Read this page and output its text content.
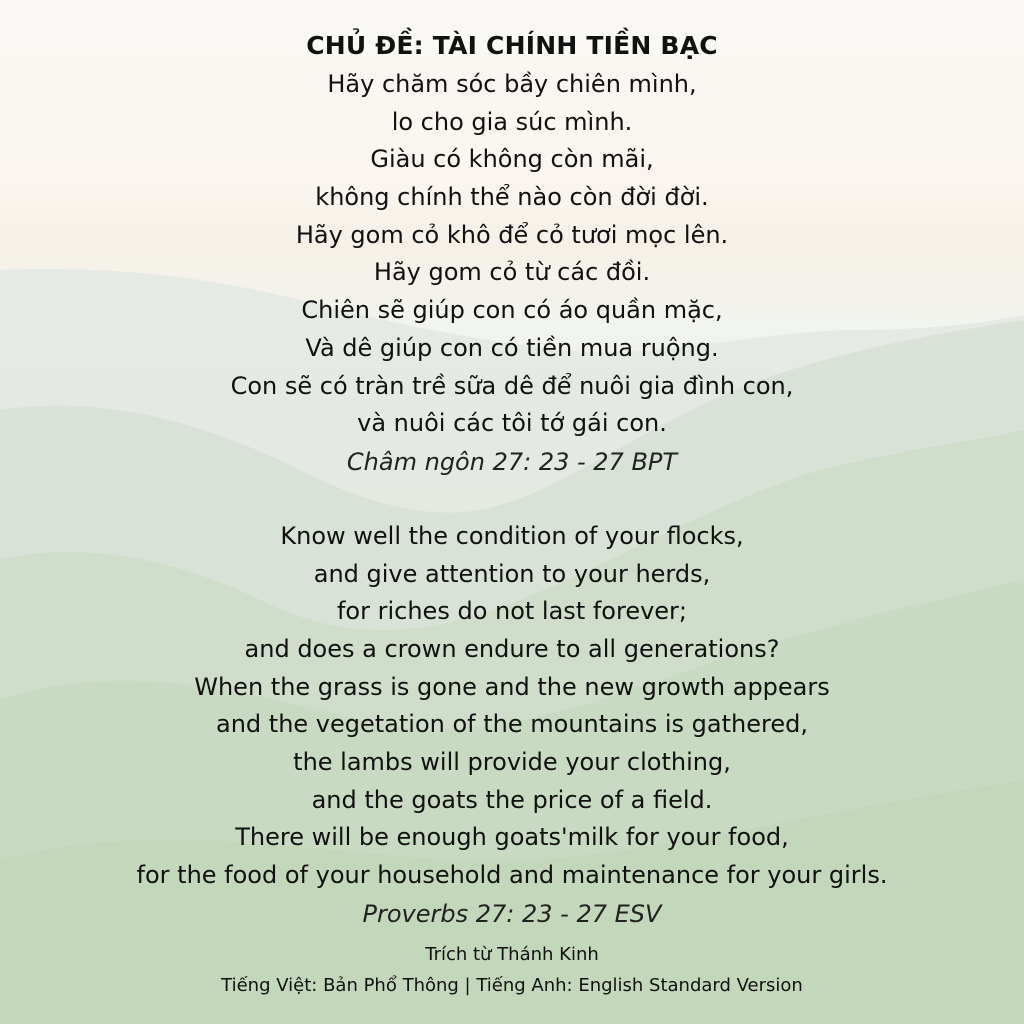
CHỦ ĐỀ: TÀI CHÍNH TIỀN BẠC
Hãy chăm sóc bầy chiên mình,
lo cho gia súc mình.
Giàu có không còn mãi,
không chính thể nào còn đời đời.
Hãy gom cỏ khô để cỏ tươi mọc lên.
Hãy gom cỏ từ các đồi.
Chiên sẽ giúp con có áo quần mặc,
Và dê giúp con có tiền mua ruộng.
Con sẽ có tràn trề sữa dê để nuôi gia đình con,
và nuôi các tôi tớ gái con.
Châm ngôn 27: 23 - 27 BPT
Know well the condition of your flocks,
and give attention to your herds,
for riches do not last forever;
and does a crown endure to all generations?
When the grass is gone and the new growth appears
and the vegetation of the mountains is gathered,
the lambs will provide your clothing,
and the goats the price of a field.
There will be enough goats'milk for your food,
for the food of your household and maintenance for your girls.
Proverbs 27: 23 - 27 ESV
Trích từ Thánh Kinh
Tiếng Việt: Bản Phổ Thông | Tiếng Anh: English Standard Version
